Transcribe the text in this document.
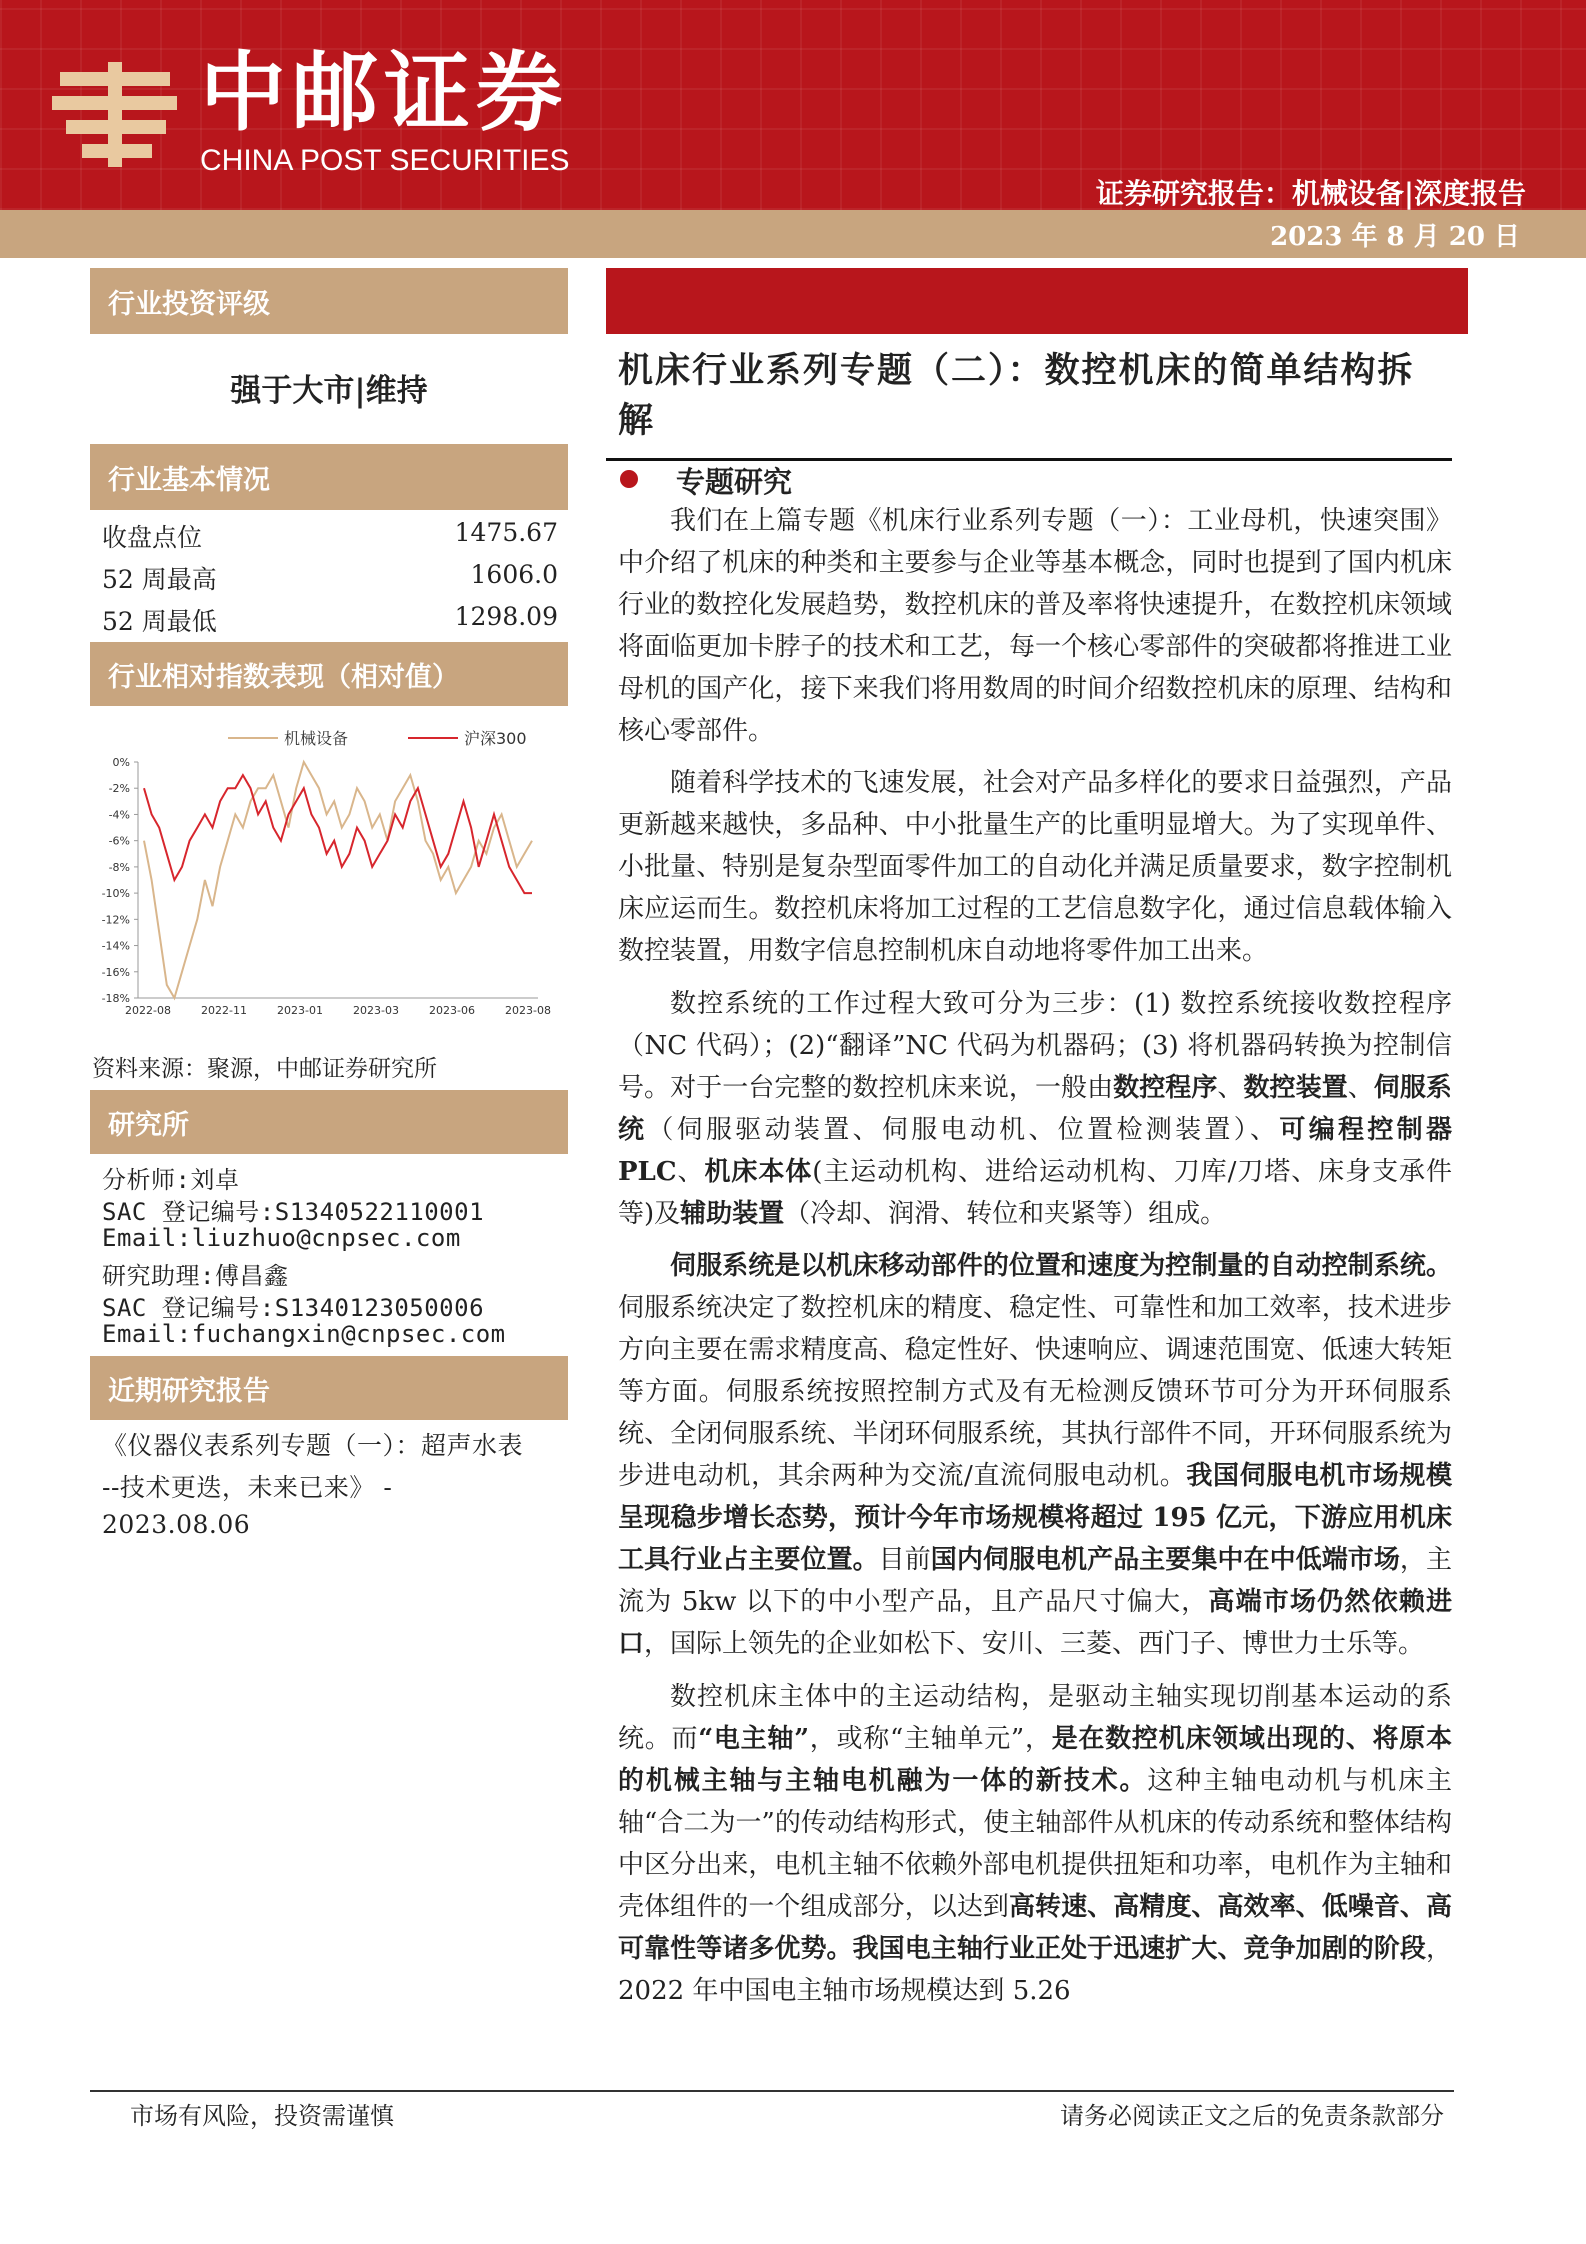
中邮证券
CHINA POST SECURITIES
证券研究报告：机械设备|深度报告
2023 年 8 月 20 日
行业投资评级
强于大市|维持
行业基本情况
收盘点位	1475.67
52 周最高	1606.0
52 周最低	1298.09
行业相对指数表现（相对值）
机械设备	沪深300
0%
-2%
-4%
-6%
-8%
-10%
-12%
-14%
-16%
-18%
2022-08	2022-11	2023-01	2023-03	2023-06	2023-08
资料来源：聚源，中邮证券研究所
研究所
分析师:刘卓
SAC 登记编号:S1340522110001
Email:liuzhuo@cnpsec.com
研究助理:傅昌鑫
SAC 登记编号:S1340123050006
Email:fuchangxin@cnpsec.com
近期研究报告
《仪器仪表系列专题（一）：超声水表
--技术更迭，未来已来》 -
2023.08.06
机床行业系列专题（二）：数控机床的简单结构拆解
专题研究

我们在上篇专题《机床行业系列专题（一）：工业母机，快速突围》中介绍了机床的种类和主要参与企业等基本概念，同时也提到了国内机床行业的数控化发展趋势，数控机床的普及率将快速提升，在数控机床领域将面临更加卡脖子的技术和工艺，每一个核心零部件的突破都将推进工业母机的国产化，接下来我们将用数周的时间介绍数控机床的原理、结构和核心零部件。

随着科学技术的飞速发展，社会对产品多样化的要求日益强烈，产品更新越来越快，多品种、中小批量生产的比重明显增大。为了实现单件、小批量、特别是复杂型面零件加工的自动化并满足质量要求，数字控制机床应运而生。数控机床将加工过程的工艺信息数字化，通过信息载体输入数控装置，用数字信息控制机床自动地将零件加工出来。

数控系统的工作过程大致可分为三步：(1) 数控系统接收数控程序（NC 代码）；(2)“翻译”NC 代码为机器码；(3) 将机器码转换为控制信号。对于一台完整的数控机床来说，一般由数控程序、数控装置、伺服系统（伺服驱动装置、伺服电动机、位置检测装置）、可编程控制器 PLC、机床本体(主运动机构、进给运动机构、刀库/刀塔、床身支承件等)及辅助装置（冷却、润滑、转位和夹紧等）组成。

伺服系统是以机床移动部件的位置和速度为控制量的自动控制系统。伺服系统决定了数控机床的精度、稳定性、可靠性和加工效率，技术进步方向主要在需求精度高、稳定性好、快速响应、调速范围宽、低速大转矩等方面。伺服系统按照控制方式及有无检测反馈环节可分为开环伺服系统、全闭伺服系统、半闭环伺服系统，其执行部件不同，开环伺服系统为步进电动机，其余两种为交流/直流伺服电动机。我国伺服电机市场规模呈现稳步增长态势，预计今年市场规模将超过 195 亿元，下游应用机床工具行业占主要位置。目前国内伺服电机产品主要集中在中低端市场，主流为 5kw 以下的中小型产品，且产品尺寸偏大，高端市场仍然依赖进口，国际上领先的企业如松下、安川、三菱、西门子、博世力士乐等。

数控机床主体中的主运动结构，是驱动主轴实现切削基本运动的系统。而“电主轴”，或称“主轴单元”，是在数控机床领域出现的、将原本的机械主轴与主轴电机融为一体的新技术。这种主轴电动机与机床主轴“合二为一”的传动结构形式，使主轴部件从机床的传动系统和整体结构中区分出来，电机主轴不依赖外部电机提供扭矩和功率，电机作为主轴和壳体组件的一个组成部分，以达到高转速、高精度、高效率、低噪音、高可靠性等诸多优势。我国电主轴行业正处于迅速扩大、竞争加剧的阶段，2022 年中国电主轴市场规模达到 5.26

市场有风险，投资需谨慎	请务必阅读正文之后的免责条款部分
